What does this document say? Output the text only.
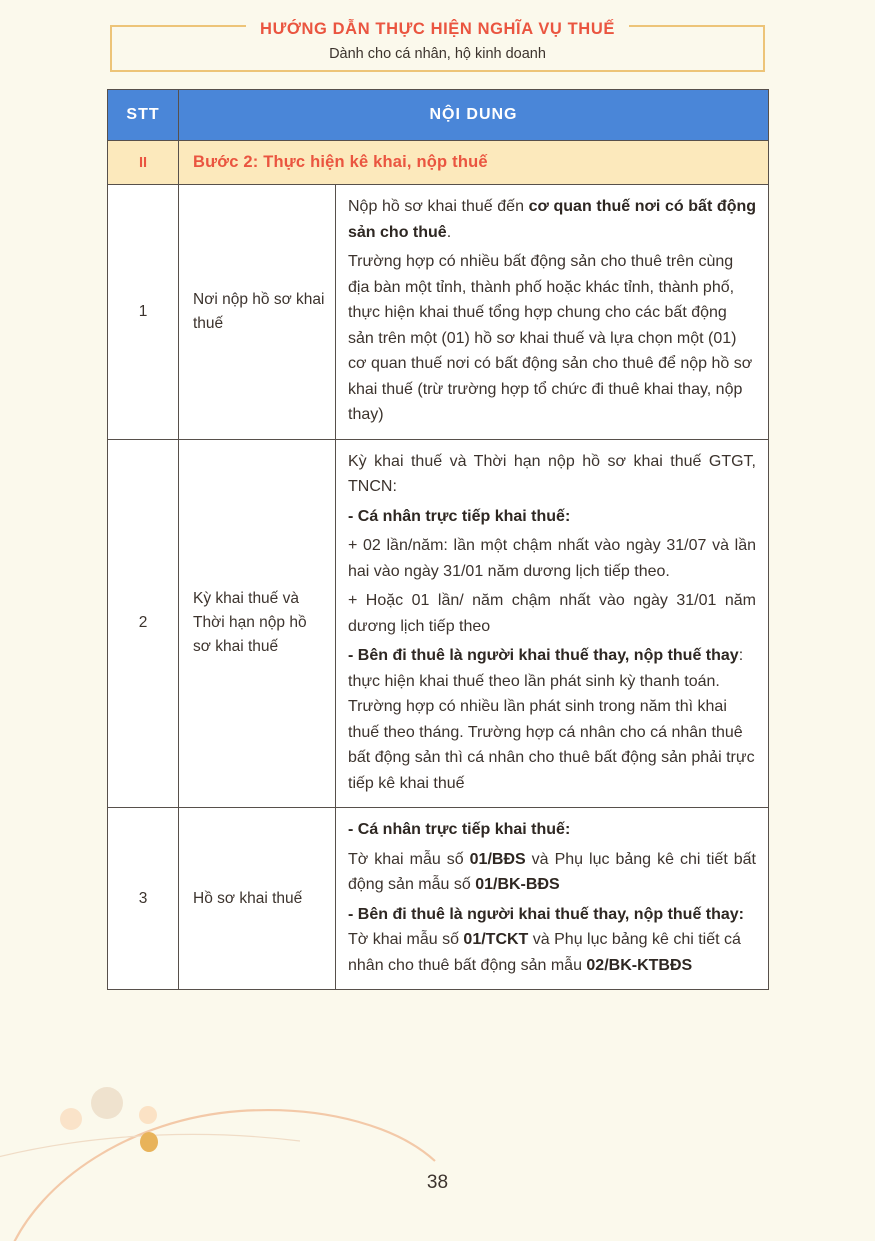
HƯỚNG DẪN THỰC HIỆN NGHĨA VỤ THUẾ
Dành cho cá nhân, hộ kinh doanh
STT	NỘI DUNG	
II	Bước 2: Thực hiện kê khai, nộp thuế	
1	Nơi nộp hồ sơ khai thuế	Nộp hồ sơ khai thuế đến cơ quan thuế nơi có bất động sản cho thuê.

Trường hợp có nhiều bất động sản cho thuê trên cùng địa bàn một tỉnh, thành phố hoặc khác tỉnh, thành phố, thực hiện khai thuế tổng hợp chung cho các bất động sản trên một (01) hồ sơ khai thuế và lựa chọn một (01) cơ quan thuế nơi có bất động sản cho thuê để nộp hồ sơ khai thuế (trừ trường hợp tổ chức đi thuê khai thay, nộp thay)

2	Kỳ khai thuế và Thời hạn nộp hồ sơ khai thuế	Kỳ khai thuế và Thời hạn nộp hồ sơ khai thuế GTGT, TNCN:

- Cá nhân trực tiếp khai thuế:

+ 02 lần/năm: lần một chậm nhất vào ngày 31/07 và lần hai vào ngày 31/01 năm dương lịch tiếp theo.

+ Hoặc 01 lần/ năm chậm nhất vào ngày 31/01 năm dương lịch tiếp theo

- Bên đi thuê là người khai thuế thay, nộp thuế thay: thực hiện khai thuế theo lần phát sinh kỳ thanh toán. Trường hợp có nhiều lần phát sinh trong năm thì khai thuế theo tháng. Trường hợp cá nhân cho cá nhân thuê bất động sản thì cá nhân cho thuê bất động sản phải trực tiếp kê khai thuế

3	Hồ sơ khai thuế	- Cá nhân trực tiếp khai thuế:

Tờ khai mẫu số 01/BĐS và Phụ lục bảng kê chi tiết bất động sản mẫu số 01/BK-BĐS

- Bên đi thuê là người khai thuế thay, nộp thuế thay: Tờ khai mẫu số 01/TCKT và Phụ lục bảng kê chi tiết cá nhân cho thuê bất động sản mẫu 02/BK-KTBĐS

38
